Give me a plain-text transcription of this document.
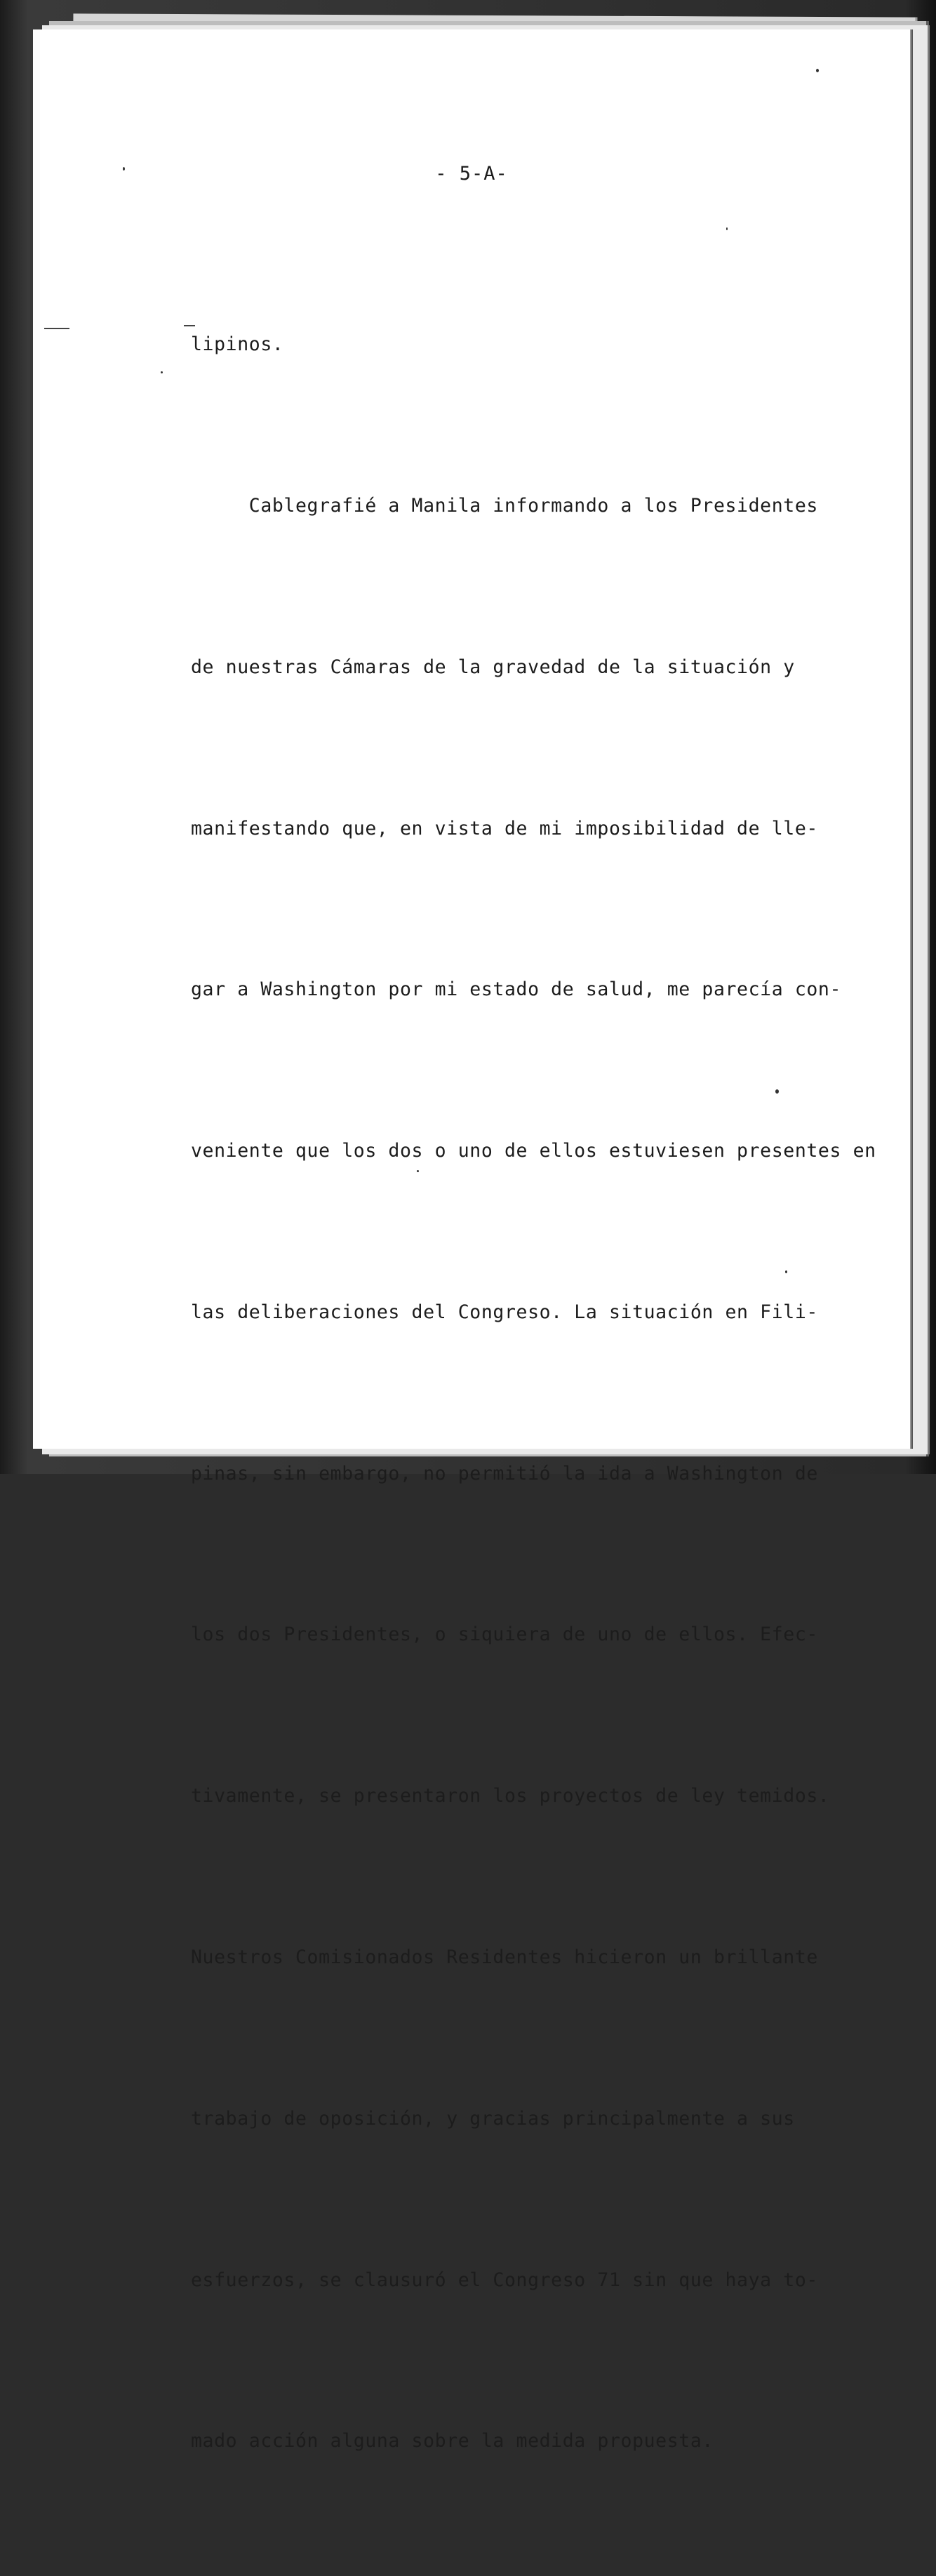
- 5-A-

lipinos.

Cablegrafié a Manila informando a los Presidentes

de nuestras Cámaras de la gravedad de la situación y

manifestando que, en vista de mi imposibilidad de lle-

gar a Washington por mi estado de salud, me parecía con-

veniente que los dos o uno de ellos estuviesen presentes en

las deliberaciones del Congreso. La situación en Fili-

pinas, sin embargo, no permitió la ida a Washington de

los dos Presidentes, o siquiera de uno de ellos. Efec-

tivamente, se presentaron los proyectos de ley temidos.

Nuestros Comisionados Residentes hicieron un brillante

trabajo de oposición, y gracias principalmente a sus

esfuerzos, se clausuró el Congreso 71 sin que haya to-

mado acción alguna sobre la medida propuesta.
